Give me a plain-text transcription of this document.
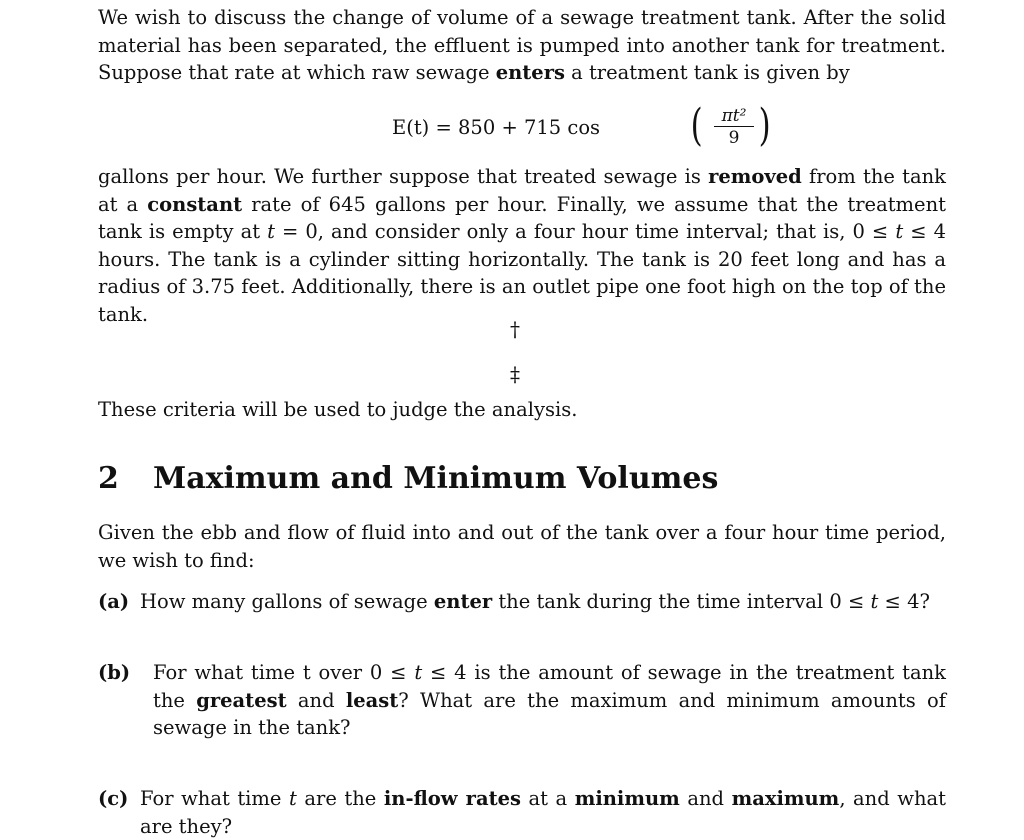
We wish to discuss the change of volume of a sewage treatment tank. After the solid material has been separated, the effluent is pumped into another tank for treatment. Suppose that rate at which raw sewage enters a treatment tank is given by

E(t) = 850 + 715 cos (	πt²
9 )

gallons per hour. We further suppose that treated sewage is removed from the tank at a constant rate of 645 gallons per hour. Finally, we assume that the treatment tank is empty at t = 0, and consider only a four hour time interval; that is, 0 ≤ t ≤ 4 hours. The tank is a cylinder sitting horizontally. The tank is 20 feet long and has a radius of 3.75 feet. Additionally, there is an outlet pipe one foot high on the top of the tank.

†
‡

These criteria will be used to judge the analysis.

2 Maximum and Minimum Volumes

Given the ebb and flow of fluid into and out of the tank over a four hour time period, we wish to find:

(a) How many gallons of sewage enter the tank during the time interval 0 ≤ t ≤ 4?
(b) For what time t over 0 ≤ t ≤ 4 is the amount of sewage in the treatment tank the greatest and least? What are the maximum and minimum amounts of sewage in the tank?
(c) For what time t are the in-flow rates at a minimum and maximum, and what are they?
